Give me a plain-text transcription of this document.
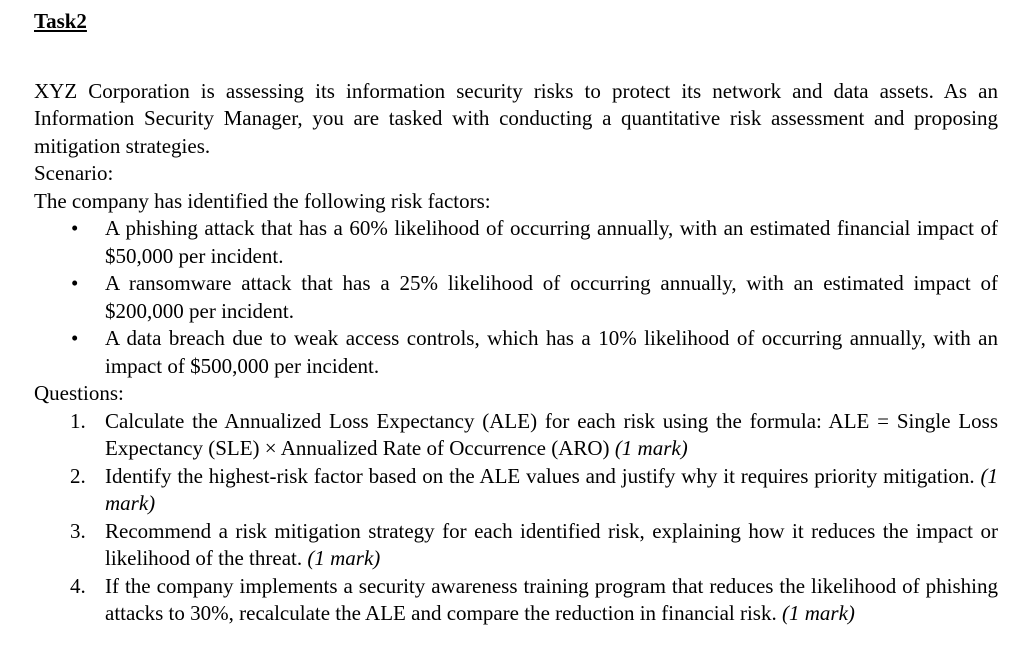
Task2

XYZ Corporation is assessing its information security risks to protect its network and data assets. As an Information Security Manager, you are tasked with conducting a quantitative risk assessment and proposing mitigation strategies.

Scenario:

The company has identified the following risk factors:

• A phishing attack that has a 60% likelihood of occurring annually, with an estimated financial impact of $50,000 per incident.
• A ransomware attack that has a 25% likelihood of occurring annually, with an estimated impact of $200,000 per incident.
• A data breach due to weak access controls, which has a 10% likelihood of occurring annually, with an impact of $500,000 per incident.

Questions:

1. Calculate the Annualized Loss Expectancy (ALE) for each risk using the formula: ALE = Single Loss Expectancy (SLE) × Annualized Rate of Occurrence (ARO) (1 mark)
2. Identify the highest-risk factor based on the ALE values and justify why it requires priority mitigation. (1 mark)
3. Recommend a risk mitigation strategy for each identified risk, explaining how it reduces the impact or likelihood of the threat. (1 mark)
4. If the company implements a security awareness training program that reduces the likelihood of phishing attacks to 30%, recalculate the ALE and compare the reduction in financial risk. (1 mark)
